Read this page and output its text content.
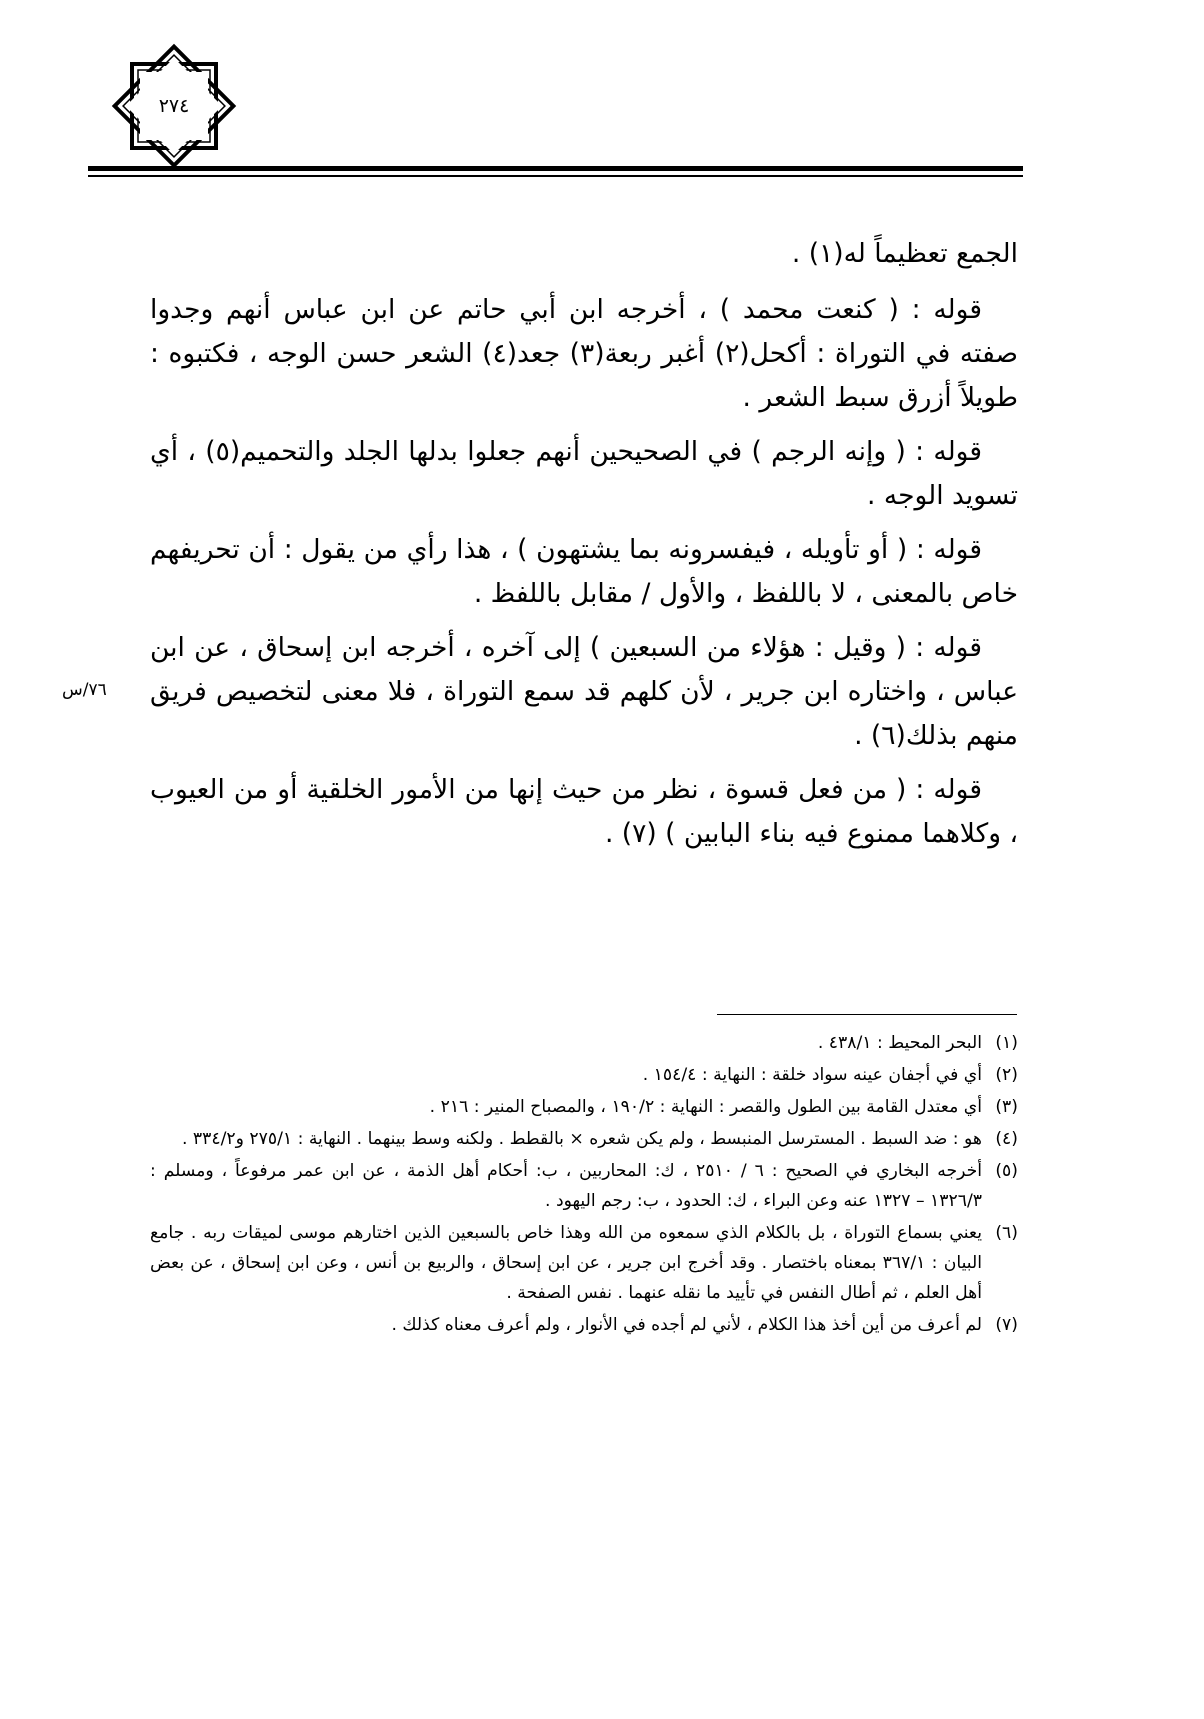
٢٧٤

الجمع تعظيماً له(١) .

قوله : ( كنعت محمد ) ، أخرجه ابن أبي حاتم عن ابن عباس أنهم وجدوا صفته في التوراة : أكحل(٢) أغبر ربعة(٣) جعد(٤) الشعر حسن الوجه ، فكتبوه : طويلاً أزرق سبط الشعر .

قوله : ( وإنه الرجم ) في الصحيحين أنهم جعلوا بدلها الجلد والتحميم(٥) ، أي تسويد الوجه .

قوله : ( أو تأويله ، فيفسرونه بما يشتهون ) ، هذا رأي من يقول : أن تحريفهم خاص بالمعنى ، لا باللفظ ، والأول / مقابل باللفظ .

قوله : ( وقيل : هؤلاء من السبعين ) إلى آخره ، أخرجه ابن إسحاق ، عن ابن عباس ، واختاره ابن جرير ، لأن كلهم قد سمع التوراة ، فلا معنى لتخصيص فريق منهم بذلك(٦) .

قوله : ( من فعل قسوة ، نظر من حيث إنها من الأمور الخلقية أو من العيوب ، وكلاهما ممنوع فيه بناء البابين ) (٧) .

٧٦/س
(١)
البحر المحيط : ٤٣٨/١ .
(٢)
أي في أجفان عينه سواد خلقة : النهاية : ١٥٤/٤ .
(٣)
أي معتدل القامة بين الطول والقصر : النهاية : ١٩٠/٢ ، والمصباح المنير : ٢١٦ .
(٤)
هو : ضد السبط . المسترسل المنبسط ، ولم يكن شعره × بالقطط . ولكنه وسط بينهما . النهاية : ٢٧٥/١ و٣٣٤/٢ .
(٥)
أخرجه البخاري في الصحيح : ٦ / ٢٥١٠ ، ك: المحاربين ، ب: أحكام أهل الذمة ، عن ابن عمر مرفوعاً ، ومسلم : ١٣٢٦/٣ – ١٣٢٧ عنه وعن البراء ، ك: الحدود ، ب: رجم اليهود .
(٦)
يعني بسماع التوراة ، بل بالكلام الذي سمعوه من الله وهذا خاص بالسبعين الذين اختارهم موسى لميقات ربه . جامع البيان : ٣٦٧/١ بمعناه باختصار . وقد أخرج ابن جرير ، عن ابن إسحاق ، والربيع بن أنس ، وعن ابن إسحاق ، عن بعض أهل العلم ، ثم أطال النفس في تأييد ما نقله عنهما . نفس الصفحة .
(٧)
لم أعرف من أين أخذ هذا الكلام ، لأني لم أجده في الأنوار ، ولم أعرف معناه كذلك .
